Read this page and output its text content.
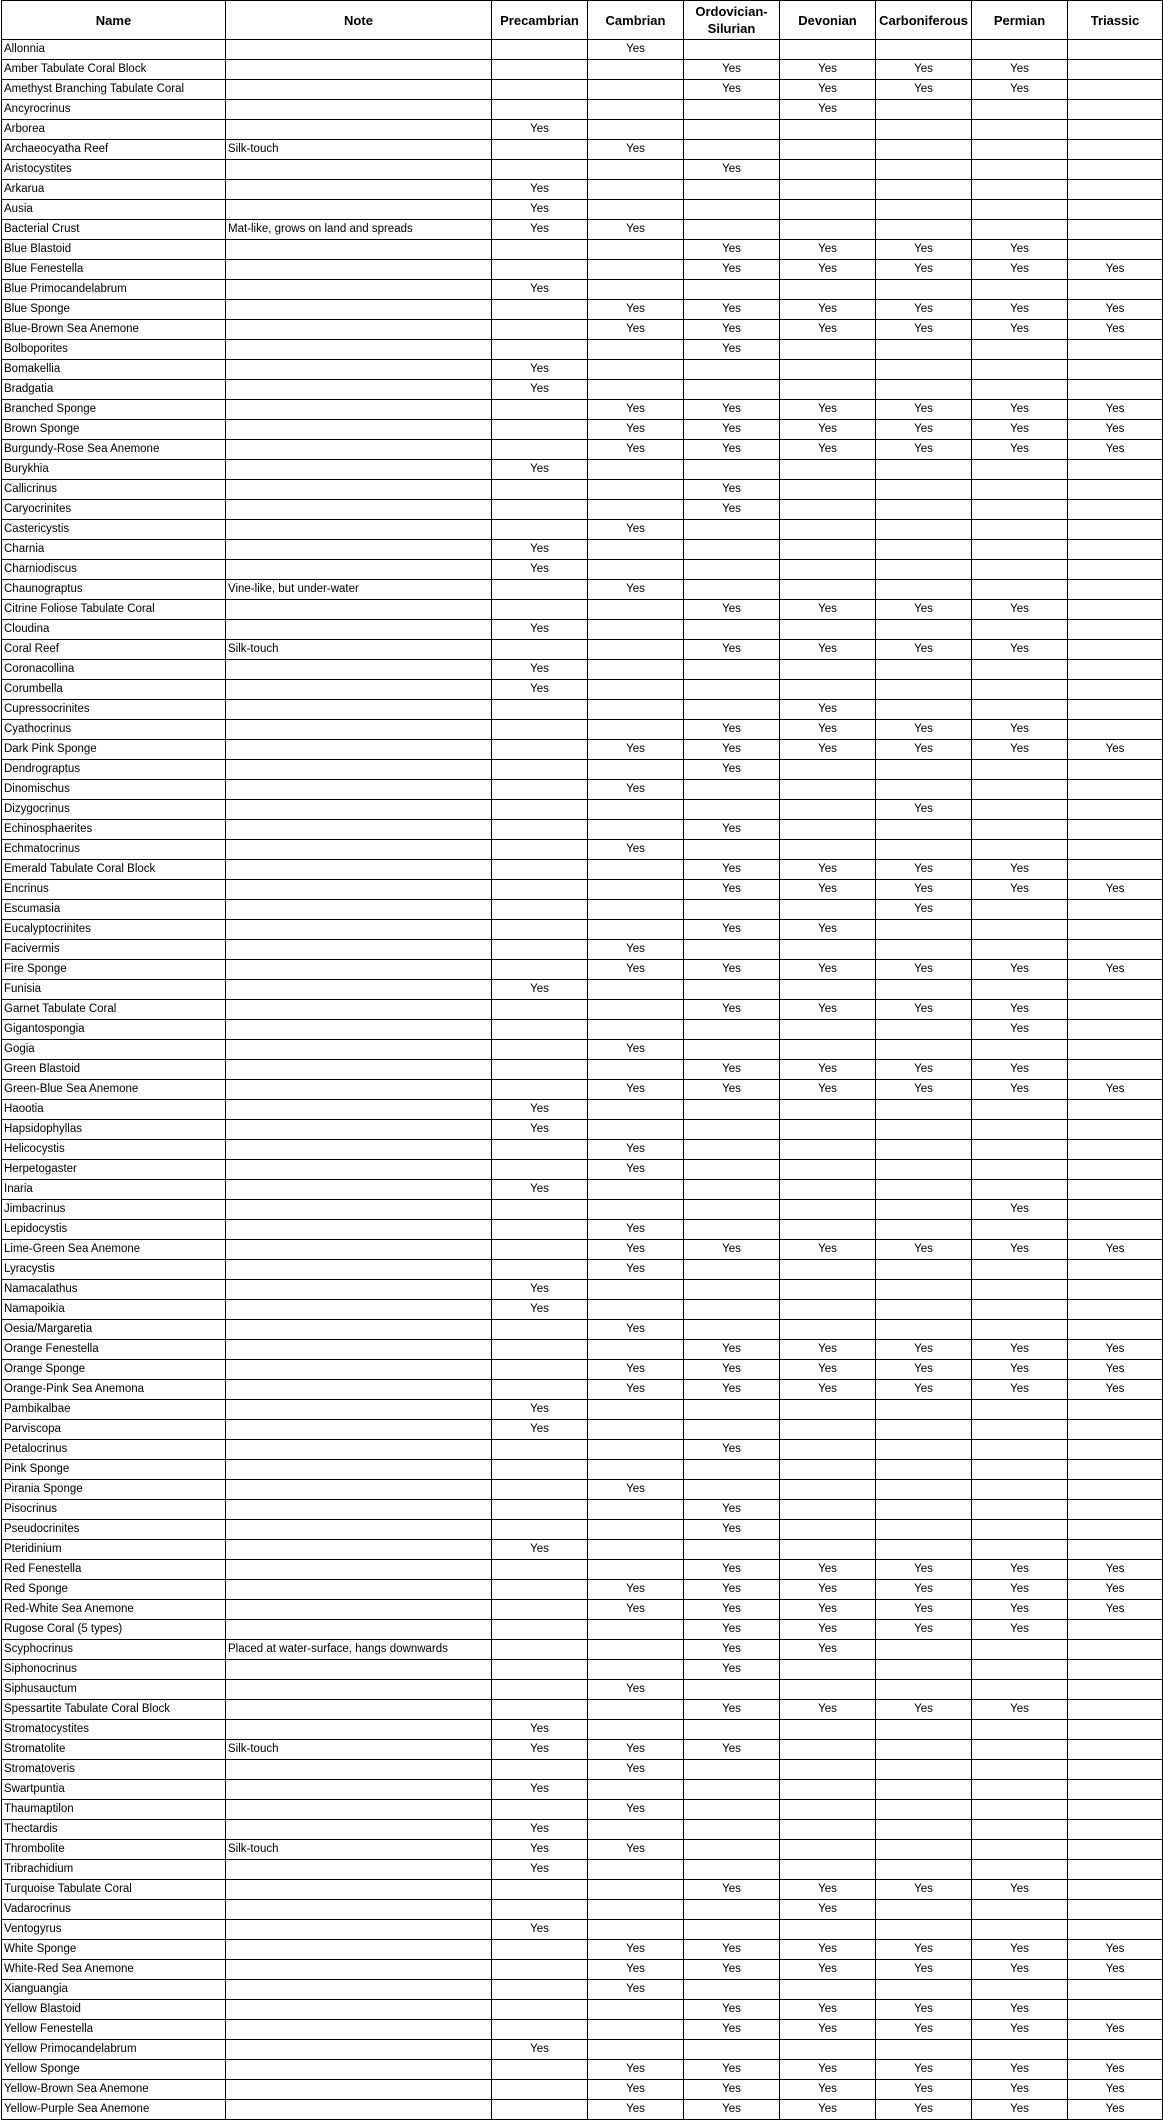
Name	Note	Precambrian	Cambrian	Ordovician-Silurian	Devonian	Carboniferous	Permian	Triassic
Allonnia			Yes					
Amber Tabulate Coral Block				Yes	Yes	Yes	Yes	
Amethyst Branching Tabulate Coral				Yes	Yes	Yes	Yes	
Ancyrocrinus					Yes			
Arborea		Yes						
Archaeocyatha Reef	Silk-touch		Yes					
Aristocystites				Yes				
Arkarua		Yes						
Ausia		Yes						
Bacterial Crust	Mat-like, grows on land and spreads	Yes	Yes					
Blue Blastoid				Yes	Yes	Yes	Yes	
Blue Fenestella				Yes	Yes	Yes	Yes	Yes
Blue Primocandelabrum		Yes						
Blue Sponge			Yes	Yes	Yes	Yes	Yes	Yes
Blue-Brown Sea Anemone			Yes	Yes	Yes	Yes	Yes	Yes
Bolboporites				Yes				
Bomakellia		Yes						
Bradgatia		Yes						
Branched Sponge			Yes	Yes	Yes	Yes	Yes	Yes
Brown Sponge			Yes	Yes	Yes	Yes	Yes	Yes
Burgundy-Rose Sea Anemone			Yes	Yes	Yes	Yes	Yes	Yes
Burykhia		Yes						
Callicrinus				Yes				
Caryocrinites				Yes				
Castericystis			Yes					
Charnia		Yes						
Charniodiscus		Yes						
Chaunograptus	Vine-like, but under-water		Yes					
Citrine Foliose Tabulate Coral				Yes	Yes	Yes	Yes	
Cloudina		Yes						
Coral Reef	Silk-touch			Yes	Yes	Yes	Yes	
Coronacollina		Yes						
Corumbella		Yes						
Cupressocrinites					Yes			
Cyathocrinus				Yes	Yes	Yes	Yes	
Dark Pink Sponge			Yes	Yes	Yes	Yes	Yes	Yes
Dendrograptus				Yes				
Dinomischus			Yes					
Dizygocrinus						Yes		
Echinosphaerites				Yes				
Echmatocrinus			Yes					
Emerald Tabulate Coral Block				Yes	Yes	Yes	Yes	
Encrinus				Yes	Yes	Yes	Yes	Yes
Escumasia						Yes		
Eucalyptocrinites				Yes	Yes			
Facivermis			Yes					
Fire Sponge			Yes	Yes	Yes	Yes	Yes	Yes
Funisia		Yes						
Garnet Tabulate Coral				Yes	Yes	Yes	Yes	
Gigantospongia							Yes	
Gogia			Yes					
Green Blastoid				Yes	Yes	Yes	Yes	
Green-Blue Sea Anemone			Yes	Yes	Yes	Yes	Yes	Yes
Haootia		Yes						
Hapsidophyllas		Yes						
Helicocystis			Yes					
Herpetogaster			Yes					
Inaria		Yes						
Jimbacrinus							Yes	
Lepidocystis			Yes					
Lime-Green Sea Anemone			Yes	Yes	Yes	Yes	Yes	Yes
Lyracystis			Yes					
Namacalathus		Yes						
Namapoikia		Yes						
Oesia/Margaretia			Yes					
Orange Fenestella				Yes	Yes	Yes	Yes	Yes
Orange Sponge			Yes	Yes	Yes	Yes	Yes	Yes
Orange-Pink Sea Anemona			Yes	Yes	Yes	Yes	Yes	Yes
Pambikalbae		Yes						
Parviscopa		Yes						
Petalocrinus				Yes				
Pink Sponge								
Pirania Sponge			Yes					
Pisocrinus				Yes				
Pseudocrinites				Yes				
Pteridinium		Yes						
Red Fenestella				Yes	Yes	Yes	Yes	Yes
Red Sponge			Yes	Yes	Yes	Yes	Yes	Yes
Red-White Sea Anemone			Yes	Yes	Yes	Yes	Yes	Yes
Rugose Coral (5 types)				Yes	Yes	Yes	Yes	
Scyphocrinus	Placed at water-surface, hangs downwards			Yes	Yes			
Siphonocrinus				Yes				
Siphusauctum			Yes					
Spessartite Tabulate Coral Block				Yes	Yes	Yes	Yes	
Stromatocystites		Yes						
Stromatolite	Silk-touch	Yes	Yes	Yes				
Stromatoveris			Yes					
Swartpuntia		Yes						
Thaumaptilon			Yes					
Thectardis		Yes						
Thrombolite	Silk-touch	Yes	Yes					
Tribrachidium		Yes						
Turquoise Tabulate Coral				Yes	Yes	Yes	Yes	
Vadarocrinus					Yes			
Ventogyrus		Yes						
White Sponge			Yes	Yes	Yes	Yes	Yes	Yes
White-Red Sea Anemone			Yes	Yes	Yes	Yes	Yes	Yes
Xianguangia			Yes					
Yellow Blastoid				Yes	Yes	Yes	Yes	
Yellow Fenestella				Yes	Yes	Yes	Yes	Yes
Yellow Primocandelabrum		Yes						
Yellow Sponge			Yes	Yes	Yes	Yes	Yes	Yes
Yellow-Brown Sea Anemone			Yes	Yes	Yes	Yes	Yes	Yes
Yellow-Purple Sea Anemone			Yes	Yes	Yes	Yes	Yes	Yes
